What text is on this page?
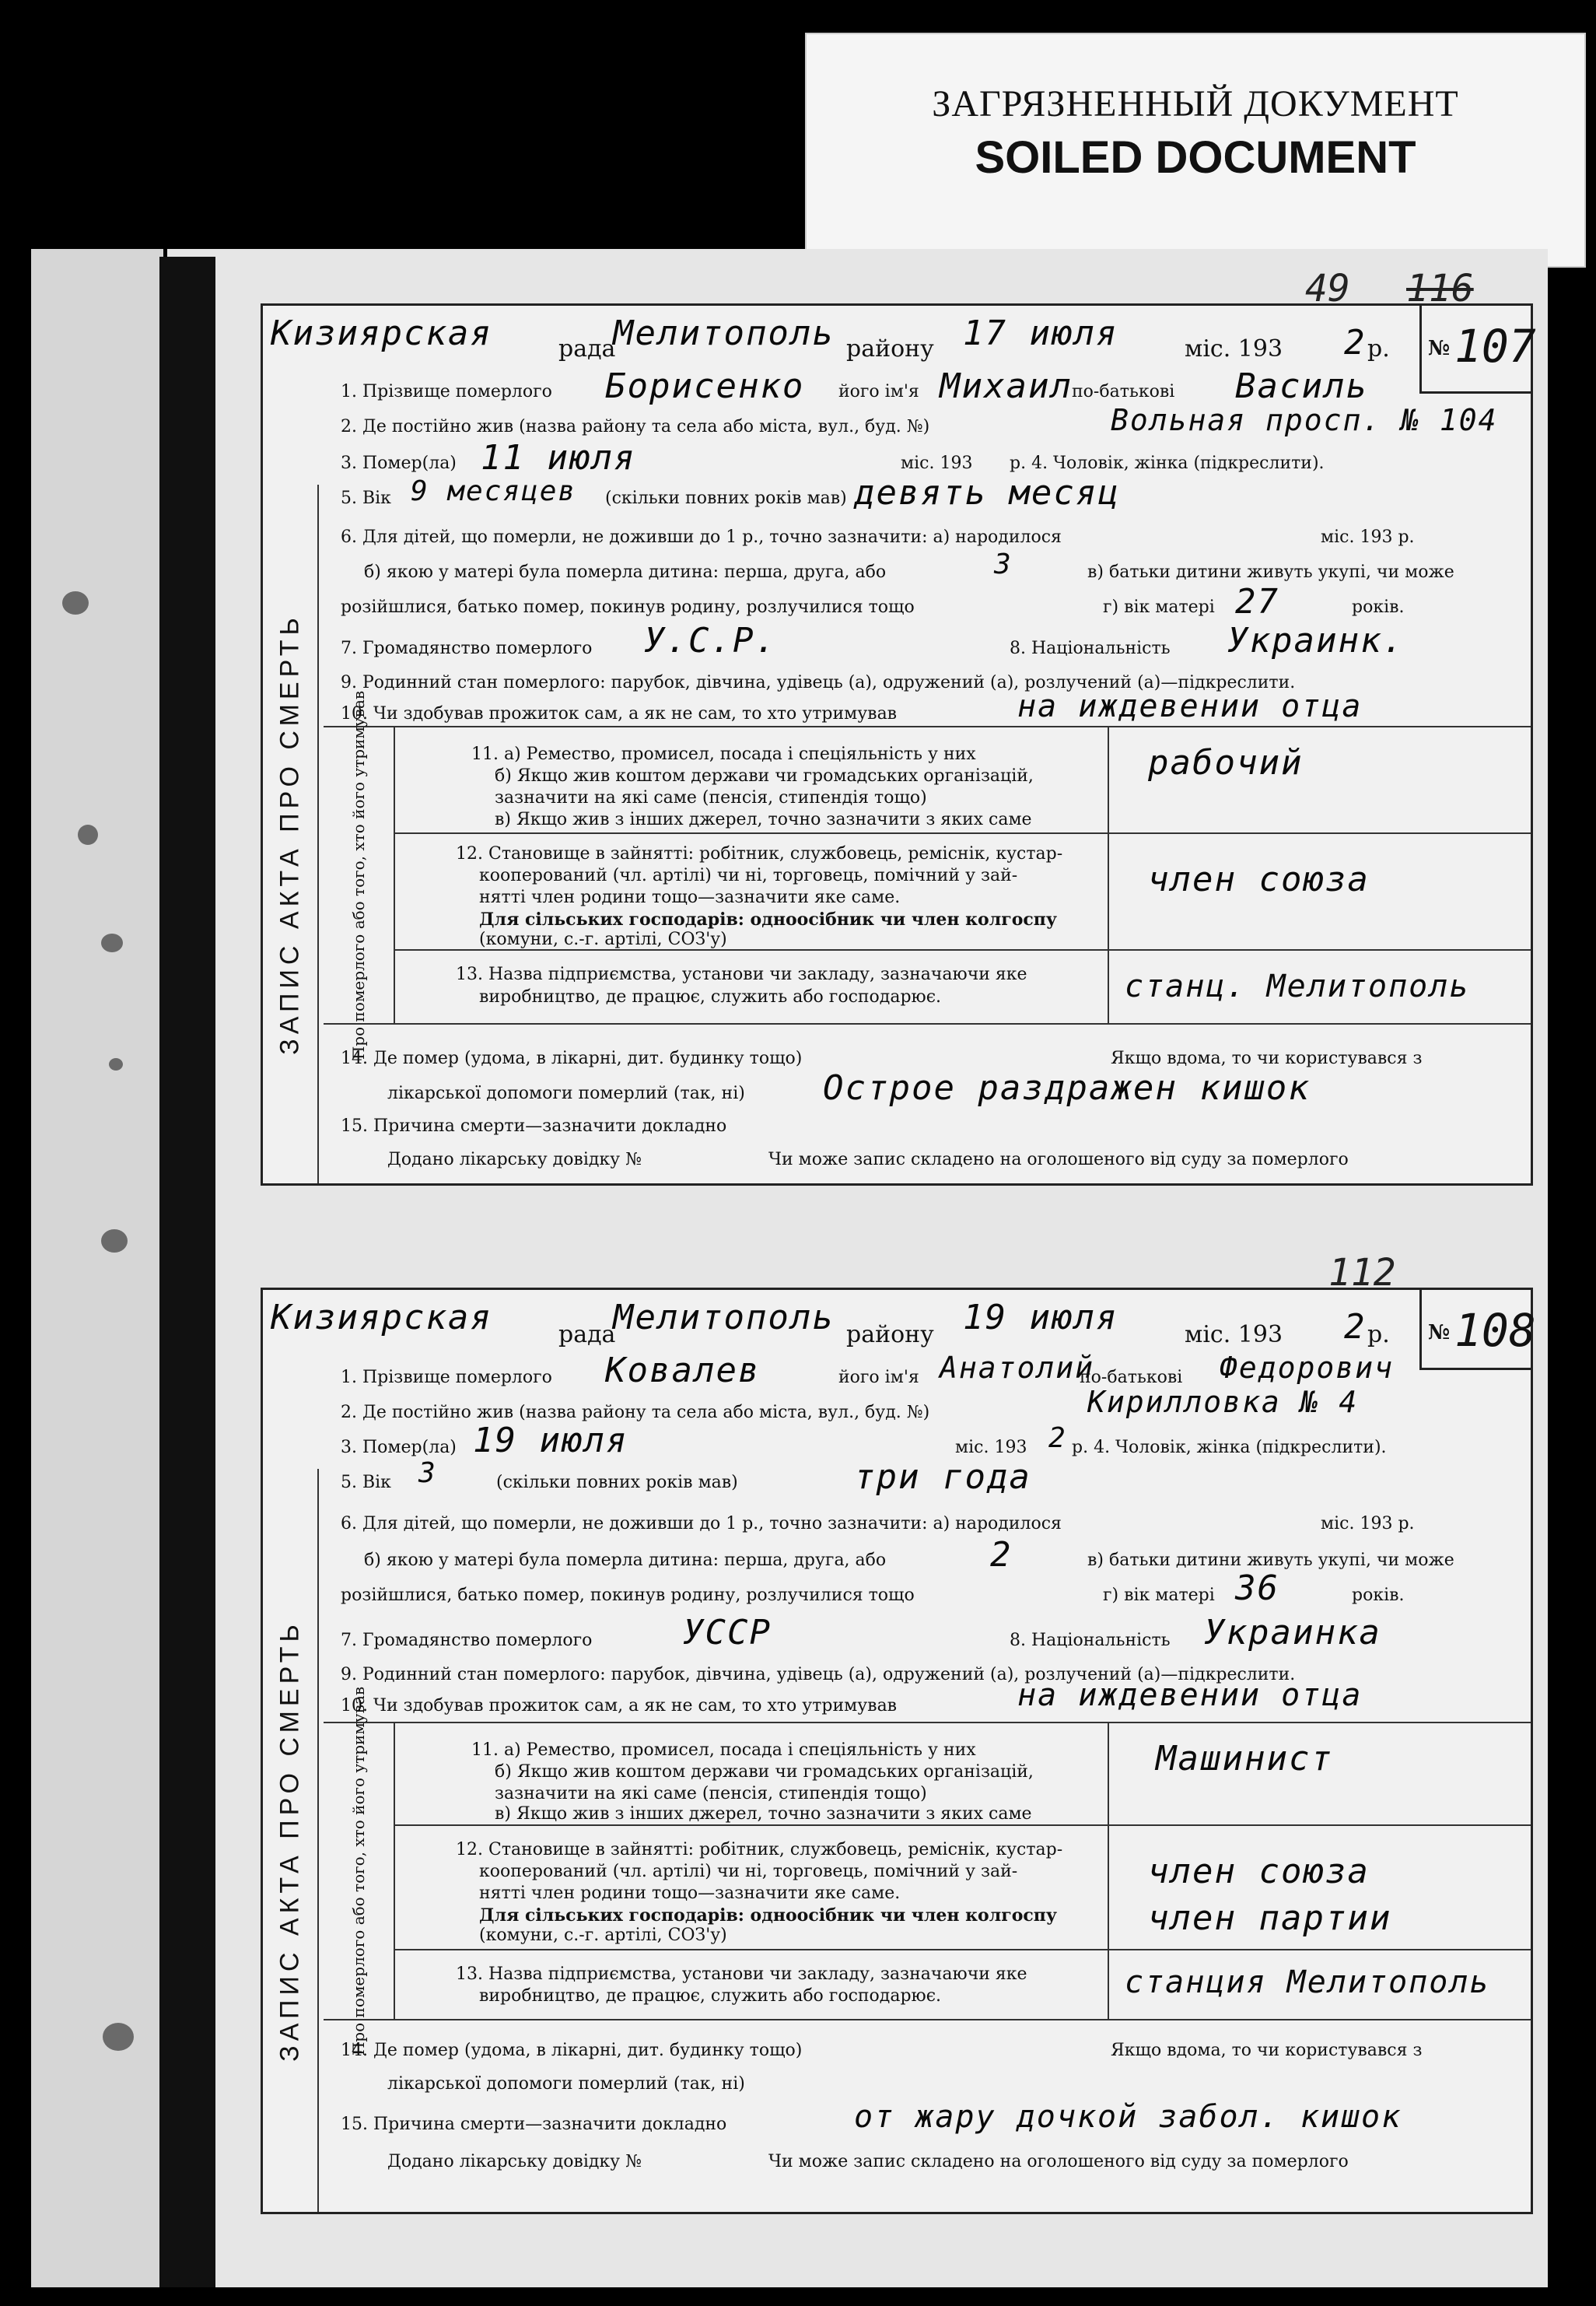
ЗАГРЯЗНЕННЫЙ ДОКУМЕНТ
SOILED DOCUMENT
49 116
ЗАПИС АКТА ПРО СМЕРТЬ
Кизиярская	рада
Мелитополь району 17 июля	міс. 193 2 р. № 107
1. Прізвище померлого Борисенко його ім'я Михаил по-батькові Василь
2. Де постійно жив (назва району та села або міста, вул., буд. №)	Вольная просп. № 104
3. Помер(ла) 11 июля	міс. 193 р. 4. Чоловік, жінка (підкреслити).
5. Вік 9 месяцев (скільки повних років мав) девять месяц
6. Для дітей, що померли, не доживши до 1 р., точно зазначити: а) народилося	міс. 193 р.
б) якою у матері була померла дитина: перша, друга, або	3	в) батьки дитини живуть укупі, чи може
розійшлися, батько помер, покинув родину, розлучилися тощо	г) вік матері 27	років.
7. Громадянство померлого У.С.Р.	8. Національність Украинк.
9. Родинний стан померлого: парубок, дівчина, удівець (а), одружений (а), розлучений (а)—підкреслити.
10. Чи здобував прожиток сам, а як не сам, то хто утримував	на иждевении отца
Про померлого або того, хто його утримував	11. а) Ремество, промисел, посада і спеціяльність у них
б) Якщо жив коштом держави чи громадських організацій,
зазначити на які саме (пенсія, стипендія тощо)
в) Якщо жив з інших джерел, точно зазначити з яких саме
рабочий
12. Становище в зайнятті: робітник, службовець, реміснік, кустар-
кооперований (чл. артілі) чи ні, торговець, помічний у зай-
нятті член родини тощо—зазначити яке саме.
Для сільських господарів: одноосібник чи член колгоспу
(комуни, с.-г. артілі, СОЗ'у)
член союза
13. Назва підприємства, установи чи закладу, зазначаючи яке
виробництво, де працює, служить або господарює.	станц. Мелитополь
14. Де помер (удома, в лікарні, дит. будинку тощо)	Якщо вдома, то чи користувався з
лікарської допомоги померлий (так, ні) Острое раздражен кишок
15. Причина смерти—зазначити докладно
Додано лікарську довідку №	Чи може запис складено на оголошеного від суду за померлого
112
ЗАПИС АКТА ПРО СМЕРТЬ
Кизиярская	рада
Мелитополь району 19 июля	міс. 193 2 р. № 108
1. Прізвище померлого Ковалев	його ім'я Анатолий
по-батькові Федорович
2. Де постійно жив (назва району та села або міста, вул., буд. №)	Кирилловка № 4
3. Помер(ла) 19 июля	міс. 193 2 р. 4. Чоловік, жінка (підкреслити).
5. Вік 3	(скільки повних років мав)	три года
6. Для дітей, що померли, не доживши до 1 р., точно зазначити: а) народилося	міс. 193 р.
б) якою у матері була померла дитина: перша, друга, або	2	в) батьки дитини живуть укупі, чи може
розійшлися, батько помер, покинув родину, розлучилися тощо	г) вік матері 36	років.
7. Громадянство померлого	УССР	8. Національність Украинка
9. Родинний стан померлого: парубок, дівчина, удівець (а), одружений (а), розлучений (а)—підкреслити.
10. Чи здобував прожиток сам, а як не сам, то хто утримував	на иждевении отца
Про померлого або того, хто його утримував	11. а) Ремество, промисел, посада і спеціяльність у них
б) Якщо жив коштом держави чи громадських організацій,
зазначити на які саме (пенсія, стипендія тощо)
в) Якщо жив з інших джерел, точно зазначити з яких саме
Машинист
12. Становище в зайнятті: робітник, службовець, реміснік, кустар-
кооперований (чл. артілі) чи ні, торговець, помічний у зай-
нятті член родини тощо—зазначити яке саме.
Для сільських господарів: одноосібник чи член колгоспу
(комуни, с.-г. артілі, СОЗ'у)
член союза
член партии
13. Назва підприємства, установи чи закладу, зазначаючи яке
виробництво, де працює, служить або господарює.	станция Мелитополь
14. Де помер (удома, в лікарні, дит. будинку тощо)	Якщо вдома, то чи користувався з
лікарської допомоги померлий (так, ні)
от жару дочкой забол. кишок
15. Причина смерти—зазначити докладно
Додано лікарську довідку №	Чи може запис складено на оголошеного від суду за померлого
